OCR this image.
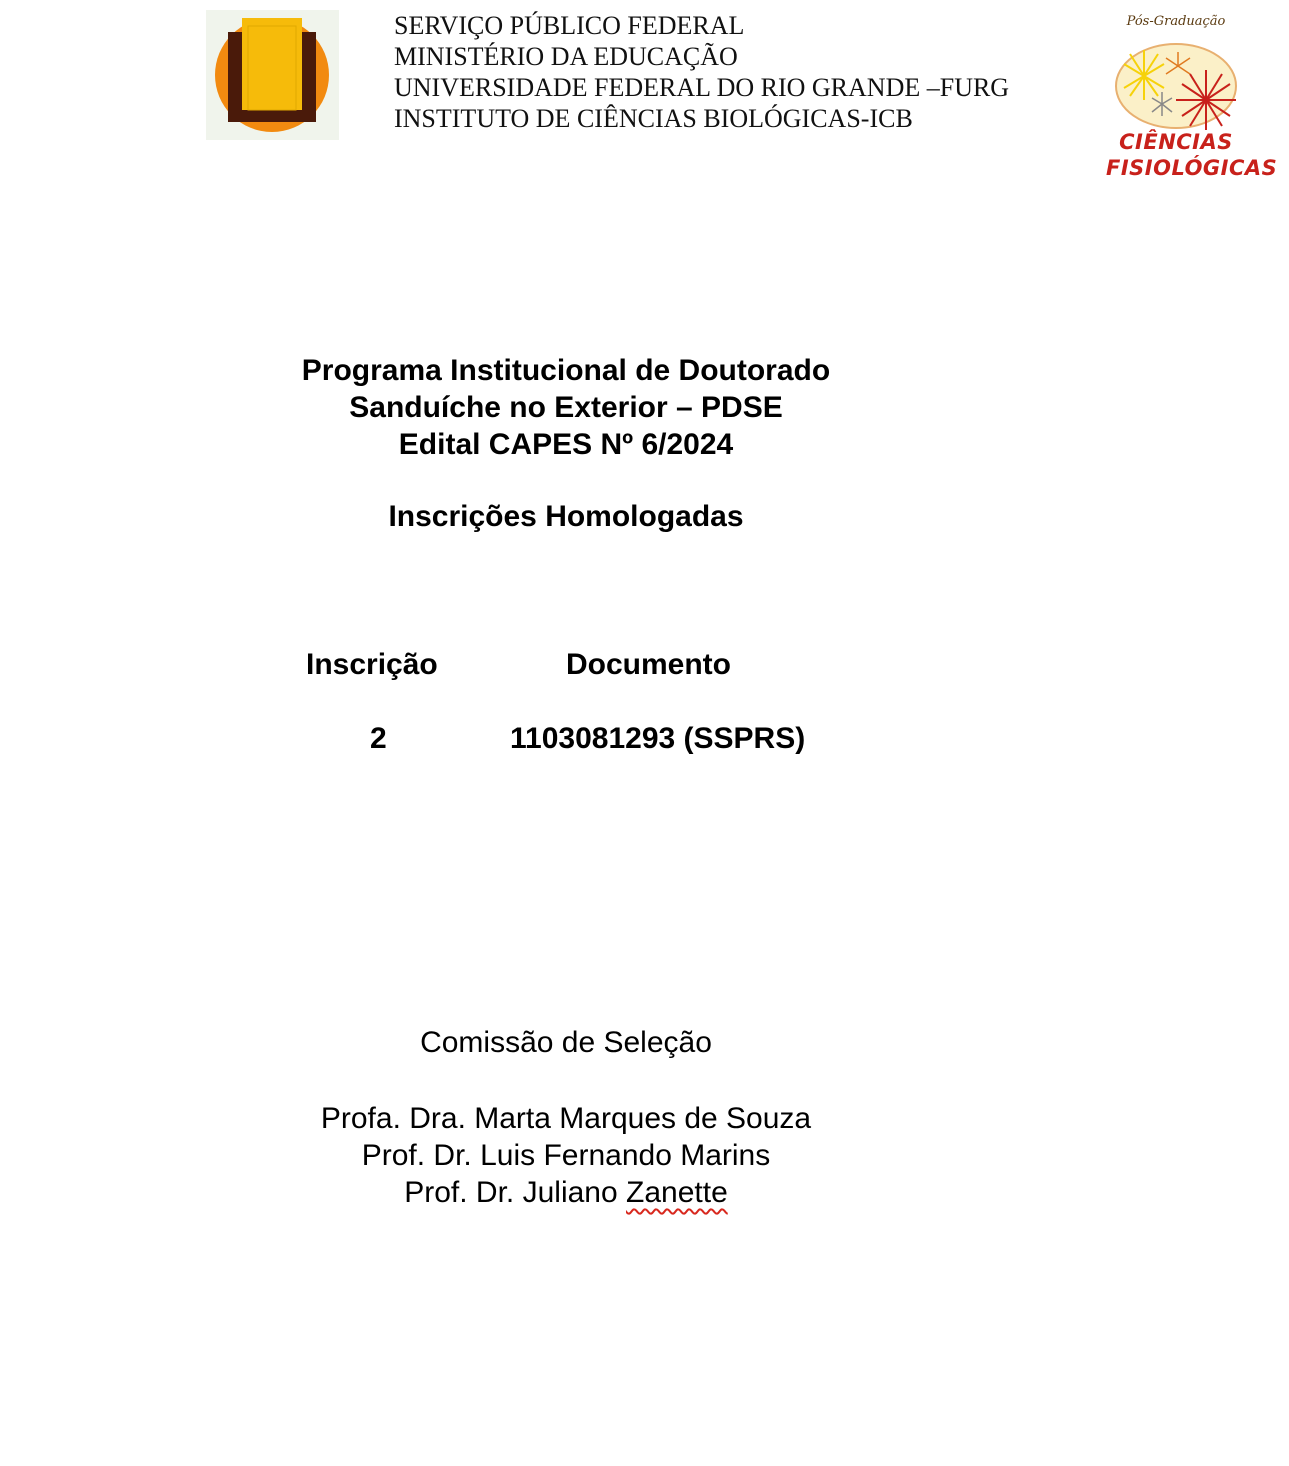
SERVIÇO PÚBLICO FEDERAL
MINISTÉRIO DA EDUCAÇÃO
UNIVERSIDADE FEDERAL DO RIO GRANDE –FURG
INSTITUTO DE CIÊNCIAS BIOLÓGICAS-ICB
Pós-Graduação
CIÊNCIAS
FISIOLÓGICAS
Programa Institucional de Doutorado
Sanduíche no Exterior – PDSE
Edital CAPES Nº 6/2024
Inscrições Homologadas
Inscrição	Documento
2	1103081293 (SSPRS)
Comissão de Seleção
Profa. Dra. Marta Marques de Souza
Prof. Dr. Luis Fernando Marins
Prof. Dr. Juliano Zanette
